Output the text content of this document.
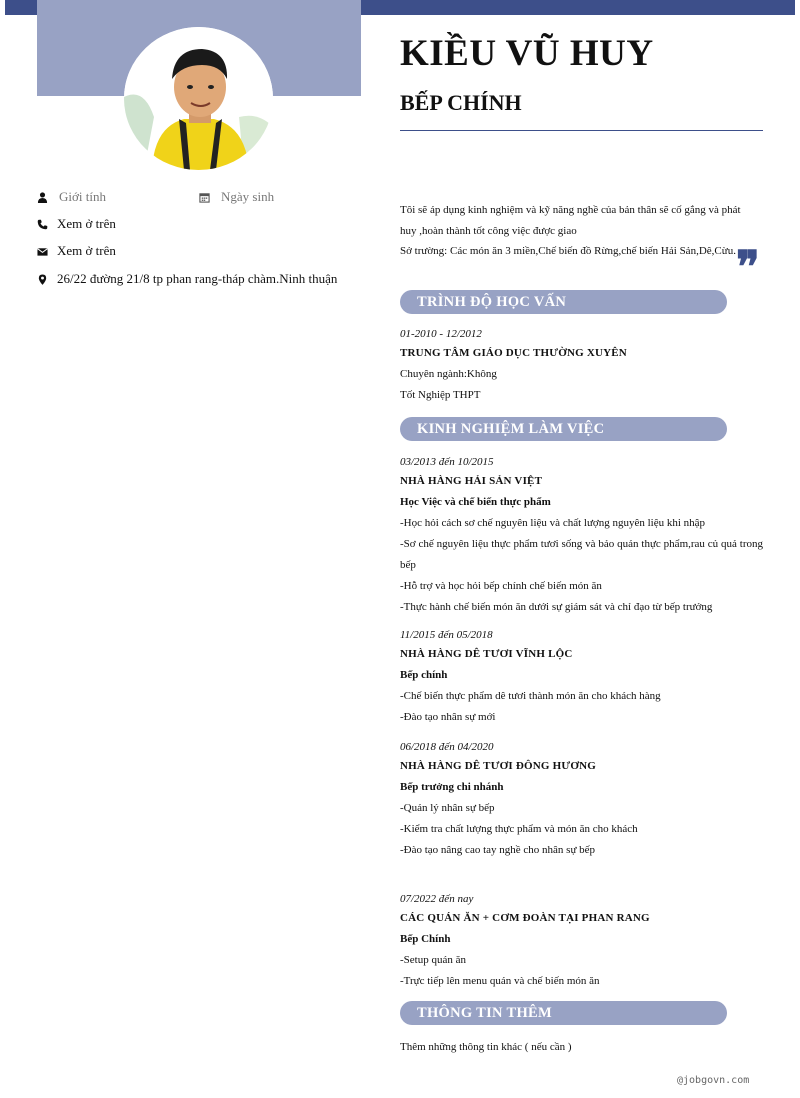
Giới tính	Ngày sinh
Xem ở trên
Xem ở trên
26/22 đường 21/8 tp phan rang-tháp chàm.Ninh thuận
KIỀU VŨ HUY
BẾP CHÍNH
Tôi sẽ áp dụng kinh nghiệm và kỹ năng nghề của bản thân sẽ cố gắng và phát
huy ,hoàn thành tốt công việc được giao
Sở trường: Các món ăn 3 miền,Chế biến đồ Rừng,chế biến Hải Sản,Dê,Cừu. ❞
TRÌNH ĐỘ HỌC VẤN
01-2010 - 12/2012
TRUNG TÂM GIÁO DỤC THƯỜNG XUYÊN
Chuyên ngành:Không
Tốt Nghiệp THPT
KINH NGHIỆM LÀM VIỆC
03/2013 đến 10/2015
NHÀ HÀNG HẢI SẢN VIỆT
Học Việc và chế biến thực phẩm
-Học hỏi cách sơ chế nguyên liệu và chất lượng nguyên liệu khi nhập
-Sơ chế nguyên liệu thực phẩm tươi sống và bảo quản thực phẩm,rau củ quả trong bếp
-Hỗ trợ và học hỏi bếp chính chế biến món ăn
-Thực hành chế biến món ăn dưới sự giám sát và chỉ đạo từ bếp trưởng
11/2015 đến 05/2018
NHÀ HÀNG DÊ TƯƠI VĨNH LỘC
Bếp chính
-Chế biến thực phẩm dê tươi thành món ăn cho khách hàng
-Đào tạo nhân sự mới
06/2018 đến 04/2020
NHÀ HÀNG DÊ TƯƠI ĐÔNG HƯƠNG
Bếp trưởng chi nhánh
-Quản lý nhân sự bếp
-Kiểm tra chất lượng thực phẩm và món ăn cho khách
-Đào tạo nâng cao tay nghề cho nhân sự bếp
07/2022 đến nay
CÁC QUÁN ĂN + CƠM ĐOÀN TẠI PHAN RANG
Bếp Chính
-Setup quán ăn
-Trực tiếp lên menu quán và chế biến món ăn
THÔNG TIN THÊM
Thêm những thông tin khác ( nếu cần )
@jobgovn.com
